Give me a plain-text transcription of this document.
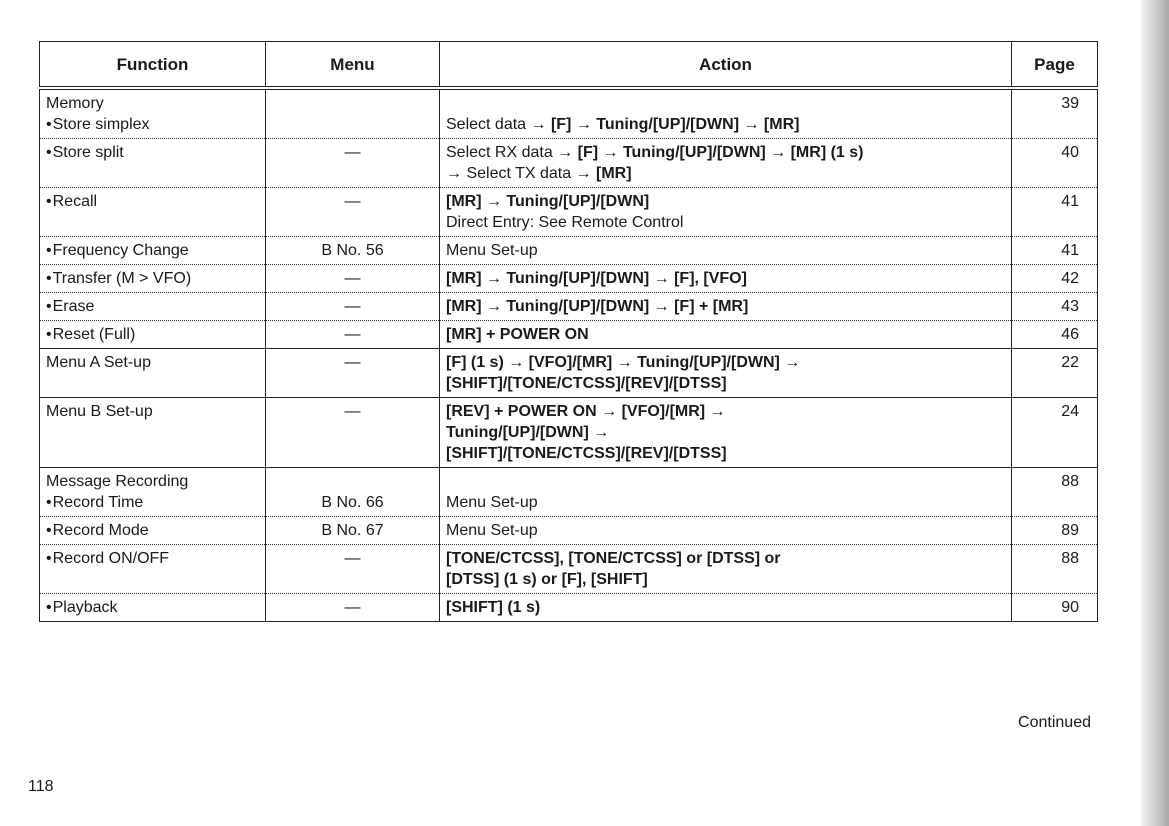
Function	Menu	Action	Page

Memory
• Store simplex		Select data → [F] → Tuning/[UP]/[DWN] → [MR]	39
• Store split	—	Select RX data → [F] → Tuning/[UP]/[DWN] → [MR] (1 s)
→ Select TX data → [MR]	40
• Recall	—	[MR] → Tuning/[UP]/[DWN]
Direct Entry: See Remote Control	41
• Frequency Change	B No. 56	Menu Set-up	41
• Transfer (M > VFO)	—	[MR] → Tuning/[UP]/[DWN] → [F], [VFO]	42
• Erase	—	[MR] → Tuning/[UP]/[DWN] → [F] + [MR]	43
• Reset (Full)	—	[MR] + POWER ON	46
Menu A Set-up	—	[F] (1 s) → [VFO]/[MR] → Tuning/[UP]/[DWN] →
[SHIFT]/[TONE/CTCSS]/[REV]/[DTSS]	22
Menu B Set-up	—	[REV] + POWER ON → [VFO]/[MR] →
Tuning/[UP]/[DWN] →
[SHIFT]/[TONE/CTCSS]/[REV]/[DTSS]	24

Message Recording
• Record Time	B No. 66	Menu Set-up	88
• Record Mode	B No. 67	Menu Set-up	89
• Record ON/OFF	—	[TONE/CTCSS], [TONE/CTCSS] or [DTSS] or
[DTSS] (1 s) or [F], [SHIFT]	88
• Playback	—	[SHIFT] (1 s)	90
Continued
118
